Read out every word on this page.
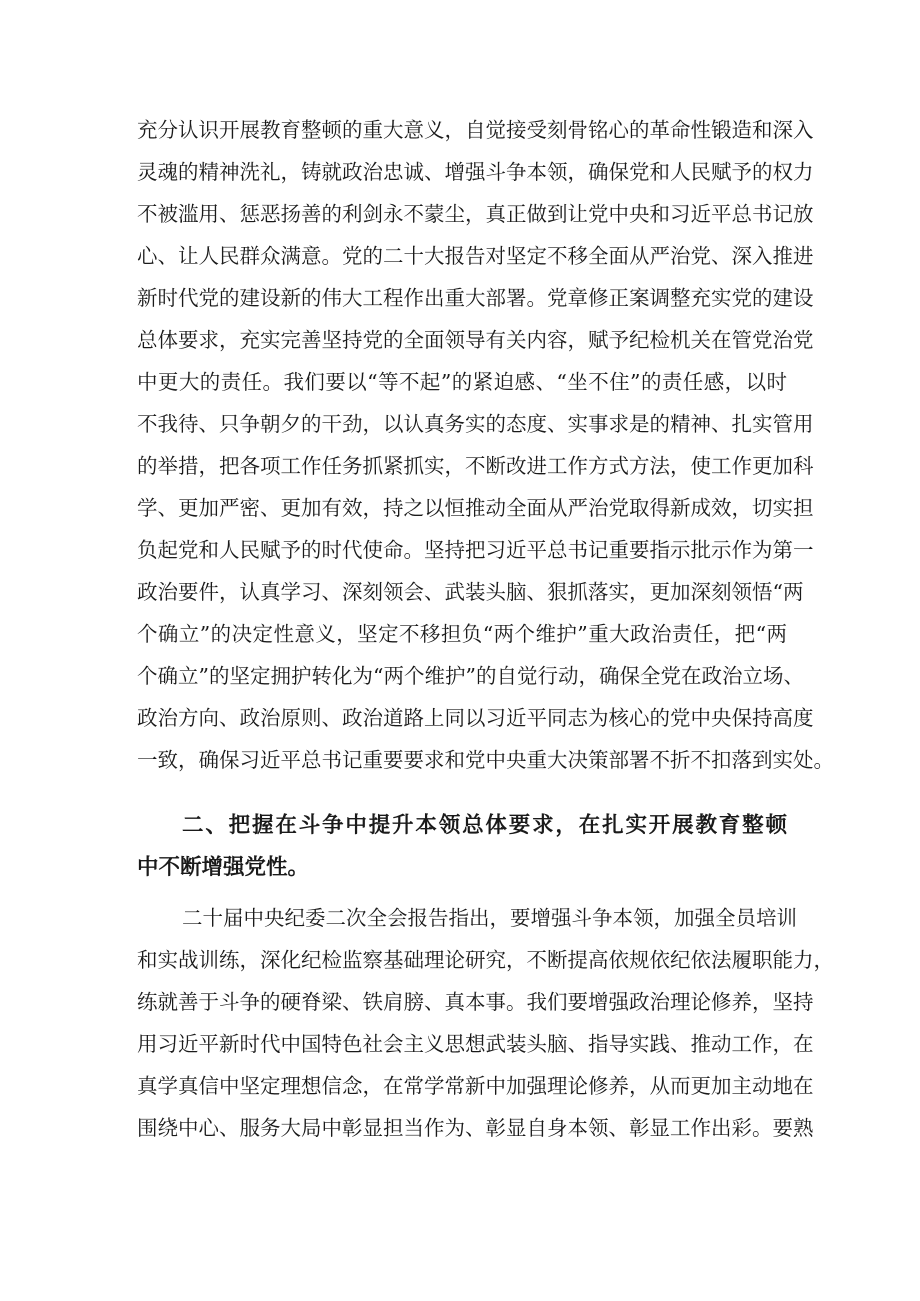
充分认识开展教育整顿的重大意义，自觉接受刻骨铭心的革命性锻造和深入
灵魂的精神洗礼，铸就政治忠诚、增强斗争本领，确保党和人民赋予的权力
不被滥用、惩恶扬善的利剑永不蒙尘，真正做到让党中央和习近平总书记放
心、让人民群众满意。党的二十大报告对坚定不移全面从严治党、深入推进
新时代党的建设新的伟大工程作出重大部署。党章修正案调整充实党的建设
总体要求，充实完善坚持党的全面领导有关内容，赋予纪检机关在管党治党
中更大的责任。我们要以“等不起”的紧迫感、“坐不住”的责任感，以时
不我待、只争朝夕的干劲，以认真务实的态度、实事求是的精神、扎实管用
的举措，把各项工作任务抓紧抓实，不断改进工作方式方法，使工作更加科
学、更加严密、更加有效，持之以恒推动全面从严治党取得新成效，切实担
负起党和人民赋予的时代使命。坚持把习近平总书记重要指示批示作为第一
政治要件，认真学习、深刻领会、武装头脑、狠抓落实，更加深刻领悟“两
个确立”的决定性意义，坚定不移担负“两个维护”重大政治责任，把“两
个确立”的坚定拥护转化为“两个维护”的自觉行动，确保全党在政治立场、
政治方向、政治原则、政治道路上同以习近平同志为核心的党中央保持高度
一致，确保习近平总书记重要要求和党中央重大决策部署不折不扣落到实处。
二、把握在斗争中提升本领总体要求，在扎实开展教育整顿
中不断增强党性。
二十届中央纪委二次全会报告指出，要增强斗争本领，加强全员培训
和实战训练，深化纪检监察基础理论研究，不断提高依规依纪依法履职能力，
练就善于斗争的硬脊梁、铁肩膀、真本事。我们要增强政治理论修养，坚持
用习近平新时代中国特色社会主义思想武装头脑、指导实践、推动工作，在
真学真信中坚定理想信念，在常学常新中加强理论修养，从而更加主动地在
围绕中心、服务大局中彰显担当作为、彰显自身本领、彰显工作出彩。要熟
